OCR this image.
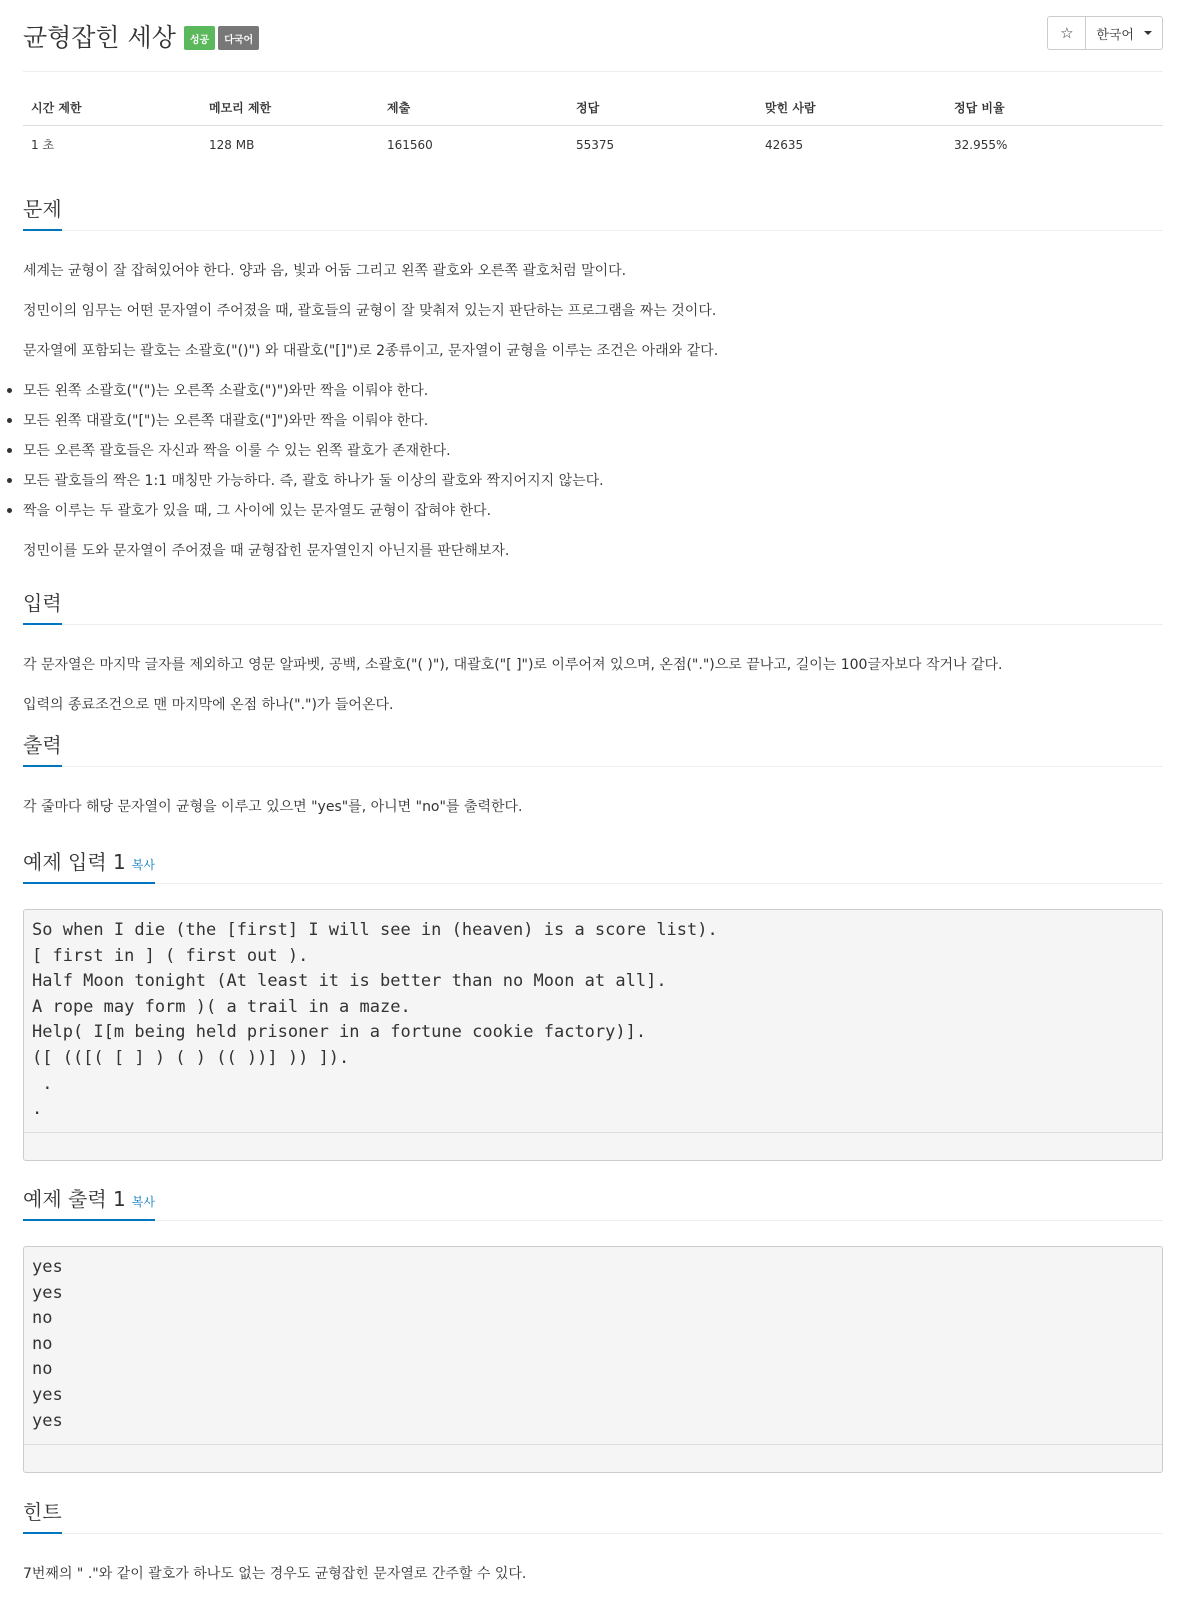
균형잡힌 세상 성공 다국어	☆ 한국어
시간 제한	메모리 제한	제출	정답	맞힌 사람	정답 비율
1 초	128 MB	161560	55375	42635	32.955%
문제

세계는 균형이 잘 잡혀있어야 한다. 양과 음, 빛과 어둠 그리고 왼쪽 괄호와 오른쪽 괄호처럼 말이다.

정민이의 임무는 어떤 문자열이 주어졌을 때, 괄호들의 균형이 잘 맞춰져 있는지 판단하는 프로그램을 짜는 것이다.

문자열에 포함되는 괄호는 소괄호("()") 와 대괄호("[]")로 2종류이고, 문자열이 균형을 이루는 조건은 아래와 같다.

모든 왼쪽 소괄호("(")는 오른쪽 소괄호(")")와만 짝을 이뤄야 한다.
모든 왼쪽 대괄호("[")는 오른쪽 대괄호("]")와만 짝을 이뤄야 한다.
모든 오른쪽 괄호들은 자신과 짝을 이룰 수 있는 왼쪽 괄호가 존재한다.
모든 괄호들의 짝은 1:1 매칭만 가능하다. 즉, 괄호 하나가 둘 이상의 괄호와 짝지어지지 않는다.
짝을 이루는 두 괄호가 있을 때, 그 사이에 있는 문자열도 균형이 잡혀야 한다.

정민이를 도와 문자열이 주어졌을 때 균형잡힌 문자열인지 아닌지를 판단해보자.

입력

각 문자열은 마지막 글자를 제외하고 영문 알파벳, 공백, 소괄호("( )"), 대괄호("[ ]")로 이루어져 있으며, 온점(".")으로 끝나고, 길이는 100글자보다 작거나 같다.

입력의 종료조건으로 맨 마지막에 온점 하나(".")가 들어온다.

출력

각 줄마다 해당 문자열이 균형을 이루고 있으면 "yes"를, 아니면 "no"를 출력한다.

예제 입력 1 복사
So when I die (the [first] I will see in (heaven) is a score list).
[ first in ] ( first out ).
Half Moon tonight (At least it is better than no Moon at all].
A rope may form )( a trail in a maze.
Help( I[m being held prisoner in a fortune cookie factory)].
([ (([( [ ] ) ( ) (( ))] )) ]).
.
.
예제 출력 1 복사
yes
yes
no
no
no
yes
yes
힌트

7번째의 " ."와 같이 괄호가 하나도 없는 경우도 균형잡힌 문자열로 간주할 수 있다.
